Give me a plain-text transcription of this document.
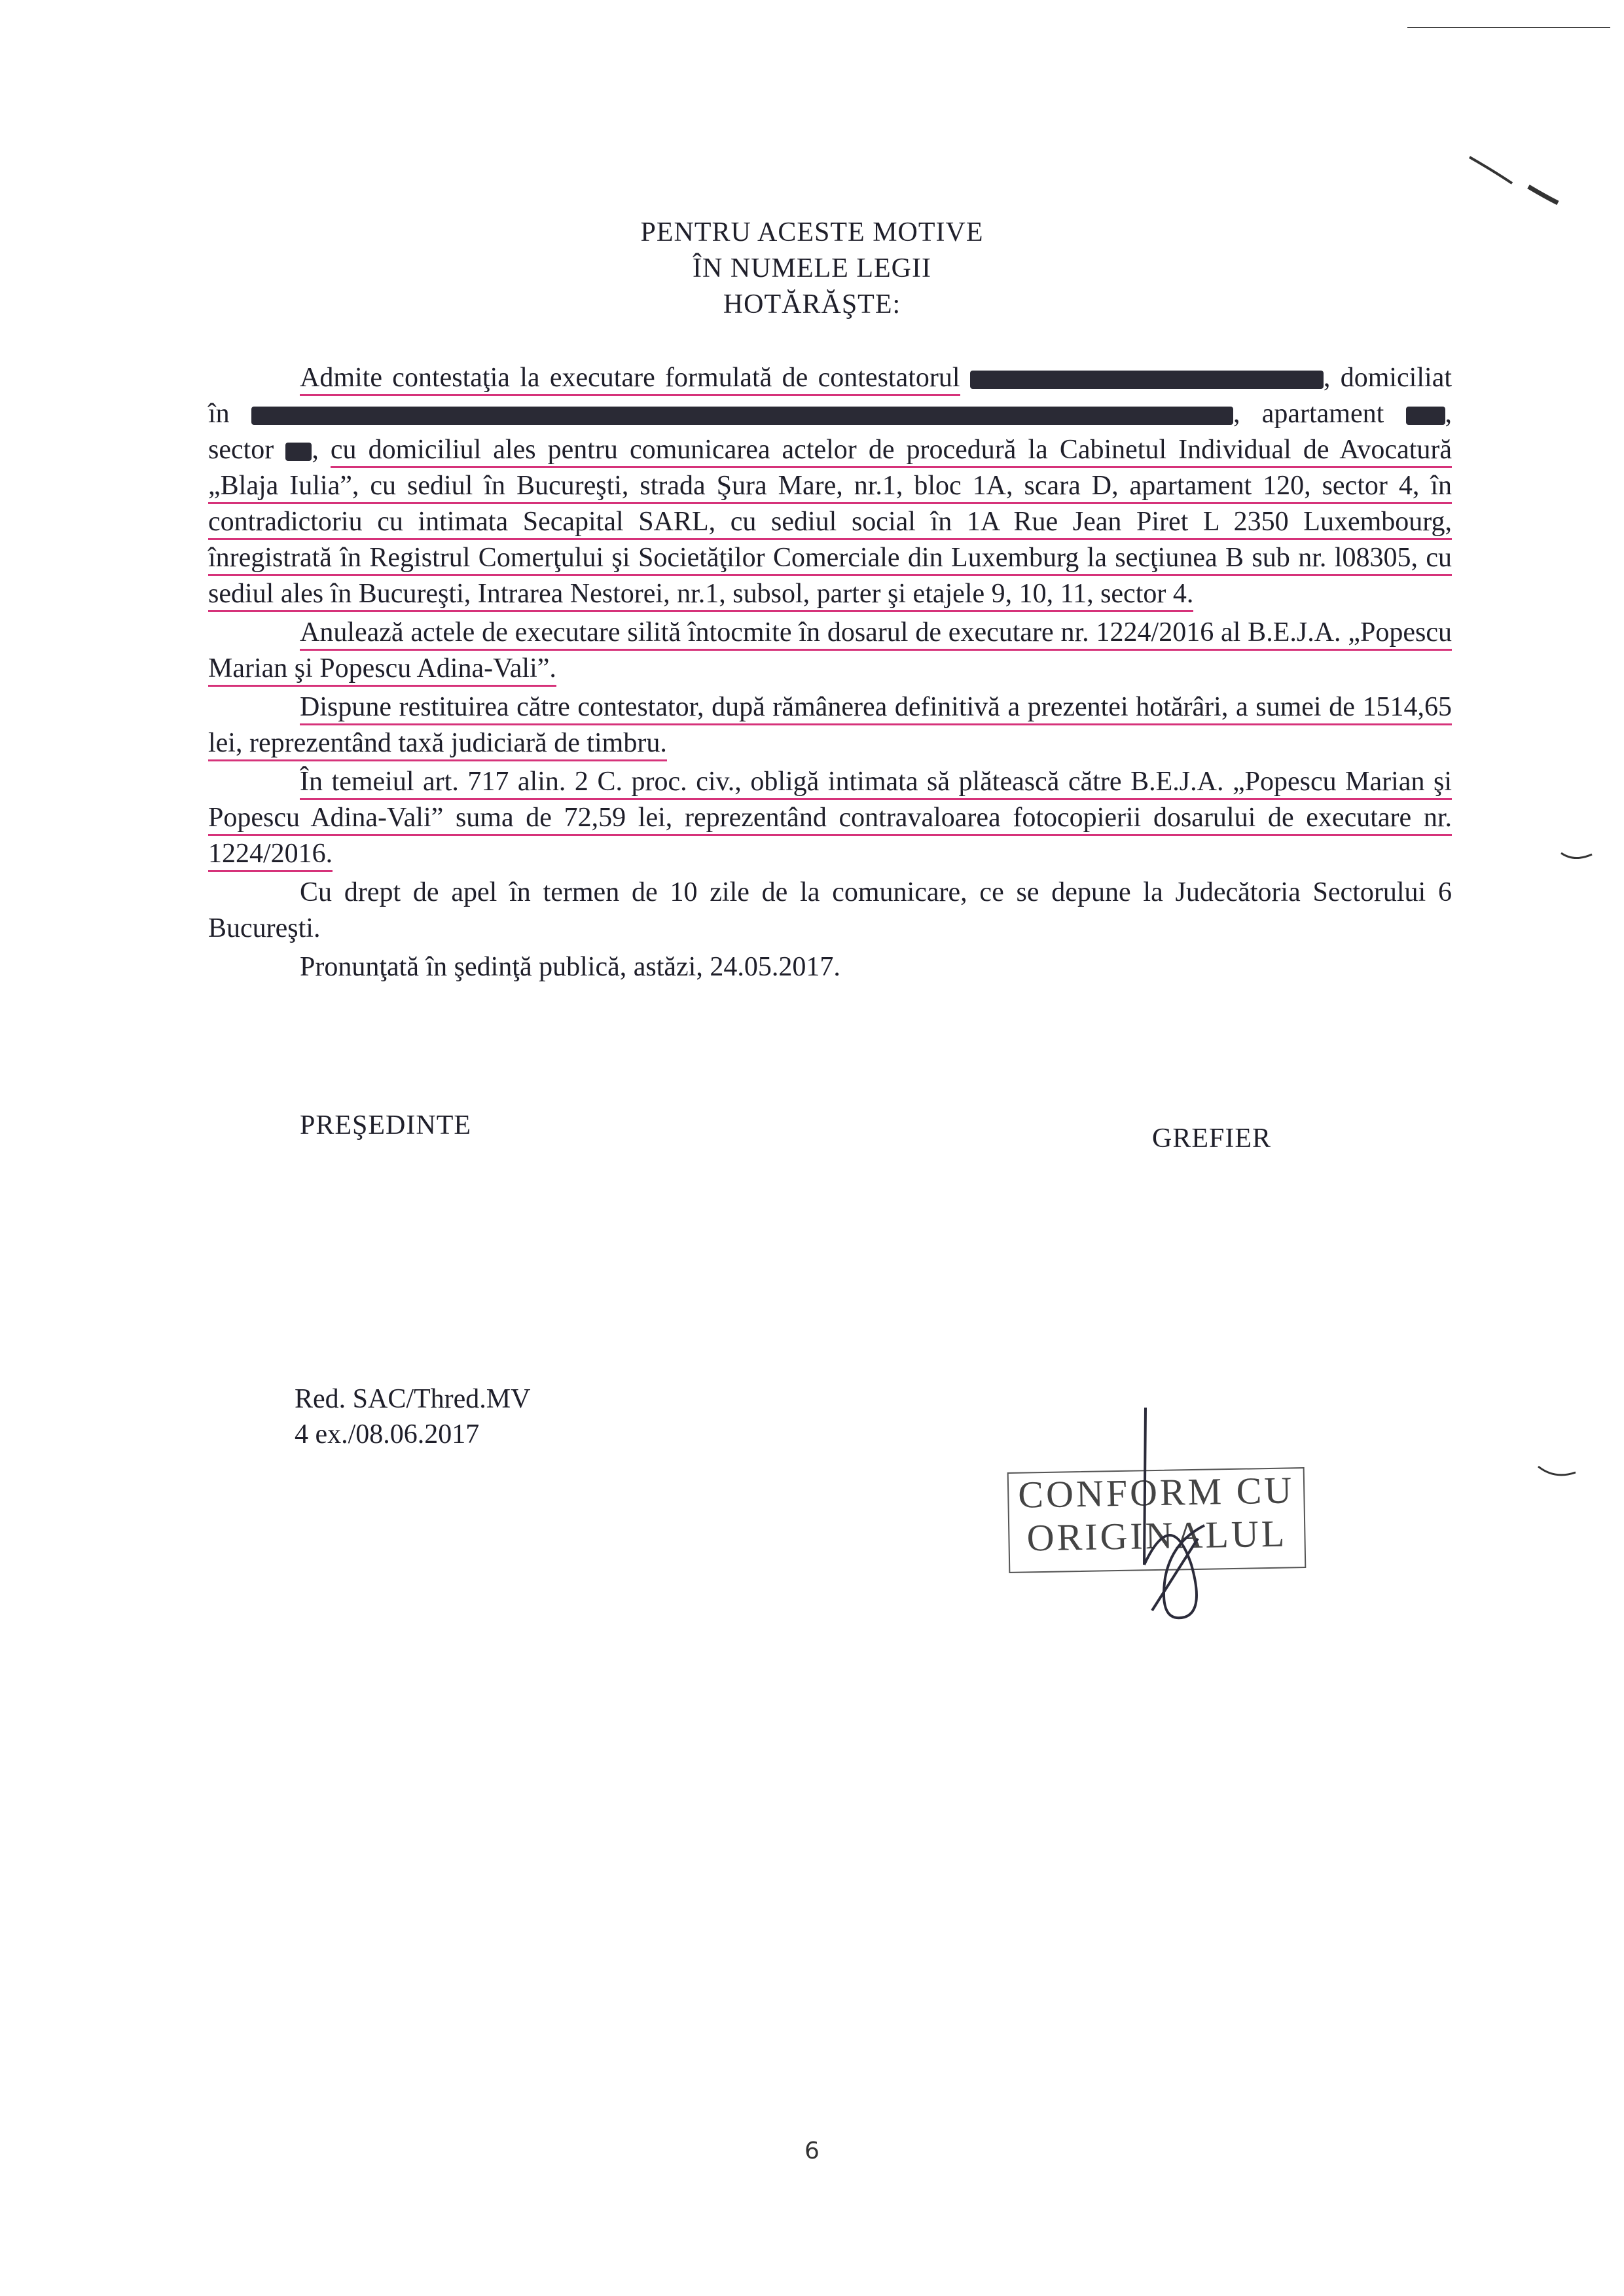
PENTRU ACESTE MOTIVE
ÎN NUMELE LEGII
HOTĂRĂŞTE:

Admite contestaţia la executare formulată de contestatorul	, domiciliat în	, apartament , sector , cu domiciliul ales pentru comunicarea actelor de procedură la Cabinetul Individual de Avocatură „Blaja Iulia”, cu sediul în Bucureşti, strada Şura Mare, nr.1, bloc 1A, scara D, apartament 120, sector 4, în contradictoriu cu intimata Secapital SARL, cu sediul social în 1A Rue Jean Piret L 2350 Luxembourg, înregistrată în Registrul Comerţului şi Societăţilor Comerciale din Luxemburg la secţiunea B sub nr. l08305, cu sediul ales în Bucureşti, Intrarea Nestorei, nr.1, subsol, parter şi etajele 9, 10, 11, sector 4.

Anulează actele de executare silită întocmite în dosarul de executare nr. 1224/2016 al B.E.J.A. „Popescu Marian şi Popescu Adina-Vali”.

Dispune restituirea către contestator, după rămânerea definitivă a prezentei hotărâri, a sumei de 1514,65 lei, reprezentând taxă judiciară de timbru.

În temeiul art. 717 alin. 2 C. proc. civ., obligă intimata să plătească către B.E.J.A. „Popescu Marian şi Popescu Adina-Vali” suma de 72,59 lei, reprezentând contravaloarea fotocopierii dosarului de executare nr. 1224/2016.

Cu drept de apel în termen de 10 zile de la comunicare, ce se depune la Judecătoria Sectorului 6 Bucureşti.

Pronunţată în şedinţă publică, astăzi, 24.05.2017.

PREŞEDINTE	GREFIER
Red. SAC/Thred.MV
4 ex./08.06.2017
CONFORM CU
ORIGINALUL
6
